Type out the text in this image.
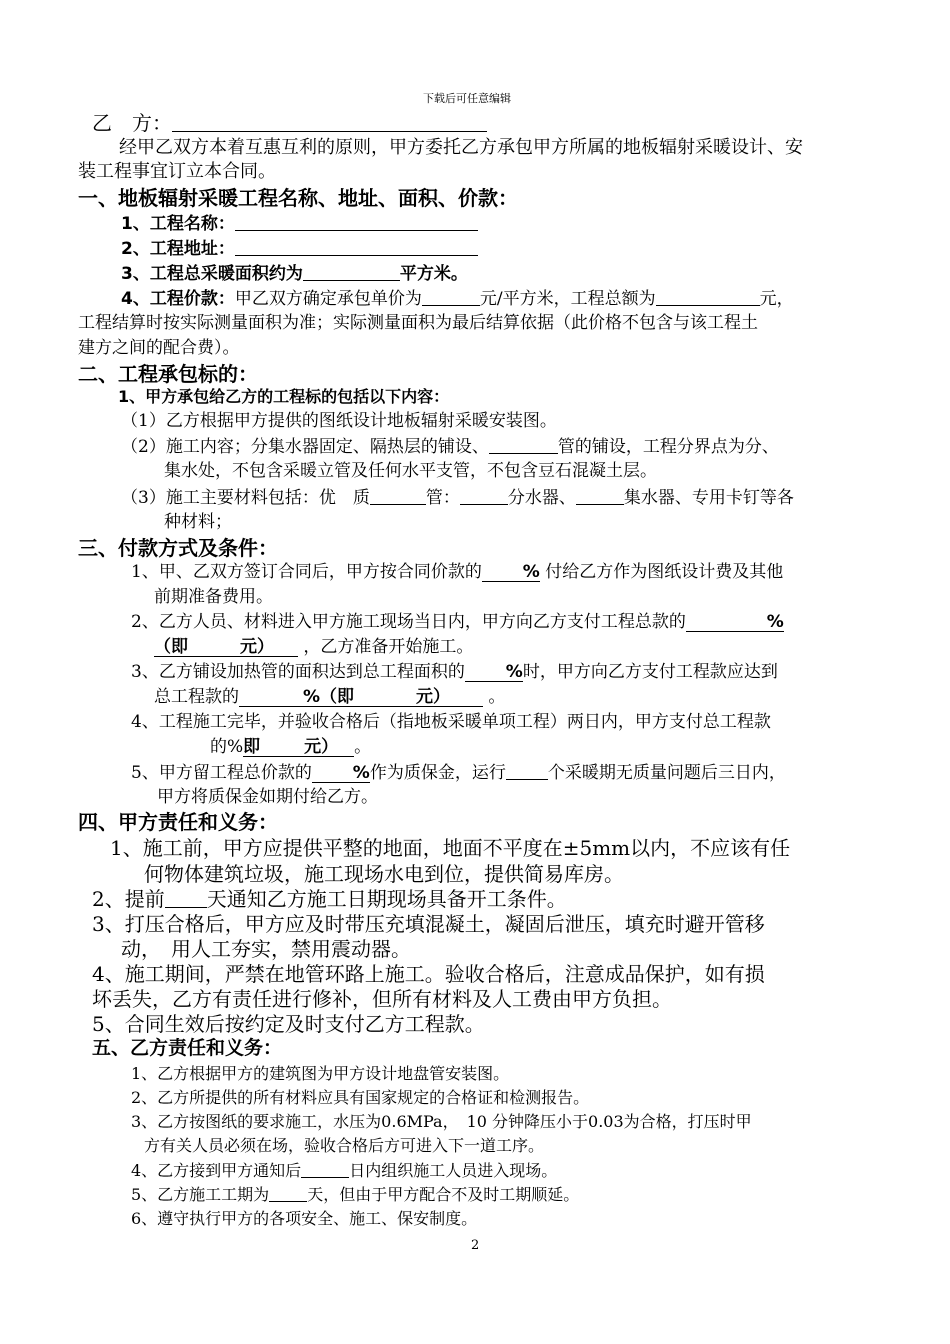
下载后可任意编辑
乙　方：
经甲乙双方本着互惠互利的原则，甲方委托乙方承包甲方所属的地板辐射采暖设计、安
装工程事宜订立本合同。
一、地板辐射采暖工程名称、地址、面积、价款：
1、工程名称：
2、工程地址：
3、工程总采暖面积约为	平方米。
4、工程价款：甲乙双方确定承包单价为	元/平方米，工程总额为	元，
工程结算时按实际测量面积为准；实际测量面积为最后结算依据（此价格不包含与该工程土
建方之间的配合费）。
二、工程承包标的：
1、甲方承包给乙方的工程标的包括以下内容：
（1）乙方根据甲方提供的图纸设计地板辐射采暖安装图。
（2）施工内容；分集水器固定、隔热层的铺设、	管的铺设，工程分界点为分、
集水处，不包含采暖立管及任何水平支管，不包含豆石混凝土层。
（3）施工主要材料包括：优　质	管：	分水器、	集水器、专用卡钉等各
种材料；
三、付款方式及条件：
1、甲、乙双方签订合同后，甲方按合同价款的 % 付给乙方作为图纸设计费及其他
前期准备费用。
2、乙方人员、材料进入甲方施工现场当日内，甲方向乙方支付工程总款的	%
（即	元） ，乙方准备开始施工。
3、乙方铺设加热管的面积达到总工程面积的 %时，甲方向乙方支付工程款应达到
总工程款的	%（即	元） 。
4、工程施工完毕，并验收合格后（指地板采暖单项工程）两日内，甲方支付总工程款
的%即	元） 。
5、甲方留工程总价款的 %作为质保金，运行 个采暖期无质量问题后三日内，
甲方将质保金如期付给乙方。
四、甲方责任和义务：
1、施工前，甲方应提供平整的地面，地面不平度在±5mm以内，不应该有任
何物体建筑垃圾，施工现场水电到位，提供简易库房。
2、提前 天通知乙方施工日期现场具备开工条件。
3、打压合格后，甲方应及时带压充填混凝土，凝固后泄压，填充时避开管移
动，　用人工夯实，禁用震动器。
4、施工期间，严禁在地管环路上施工。验收合格后，注意成品保护，如有损
坏丢失，乙方有责任进行修补，但所有材料及人工费由甲方负担。
5、合同生效后按约定及时支付乙方工程款。
五、乙方责任和义务：
1、乙方根据甲方的建筑图为甲方设计地盘管安装图。
2、乙方所提供的所有材料应具有国家规定的合格证和检测报告。
3、乙方按图纸的要求施工，水压为0.6MPa，　10 分钟降压小于0.03为合格，打压时甲
方有关人员必须在场，验收合格后方可进入下一道工序。
4、乙方接到甲方通知后	日内组织施工人员进入现场。
5、乙方施工工期为 天，但由于甲方配合不及时工期顺延。
6、遵守执行甲方的各项安全、施工、保安制度。
2
